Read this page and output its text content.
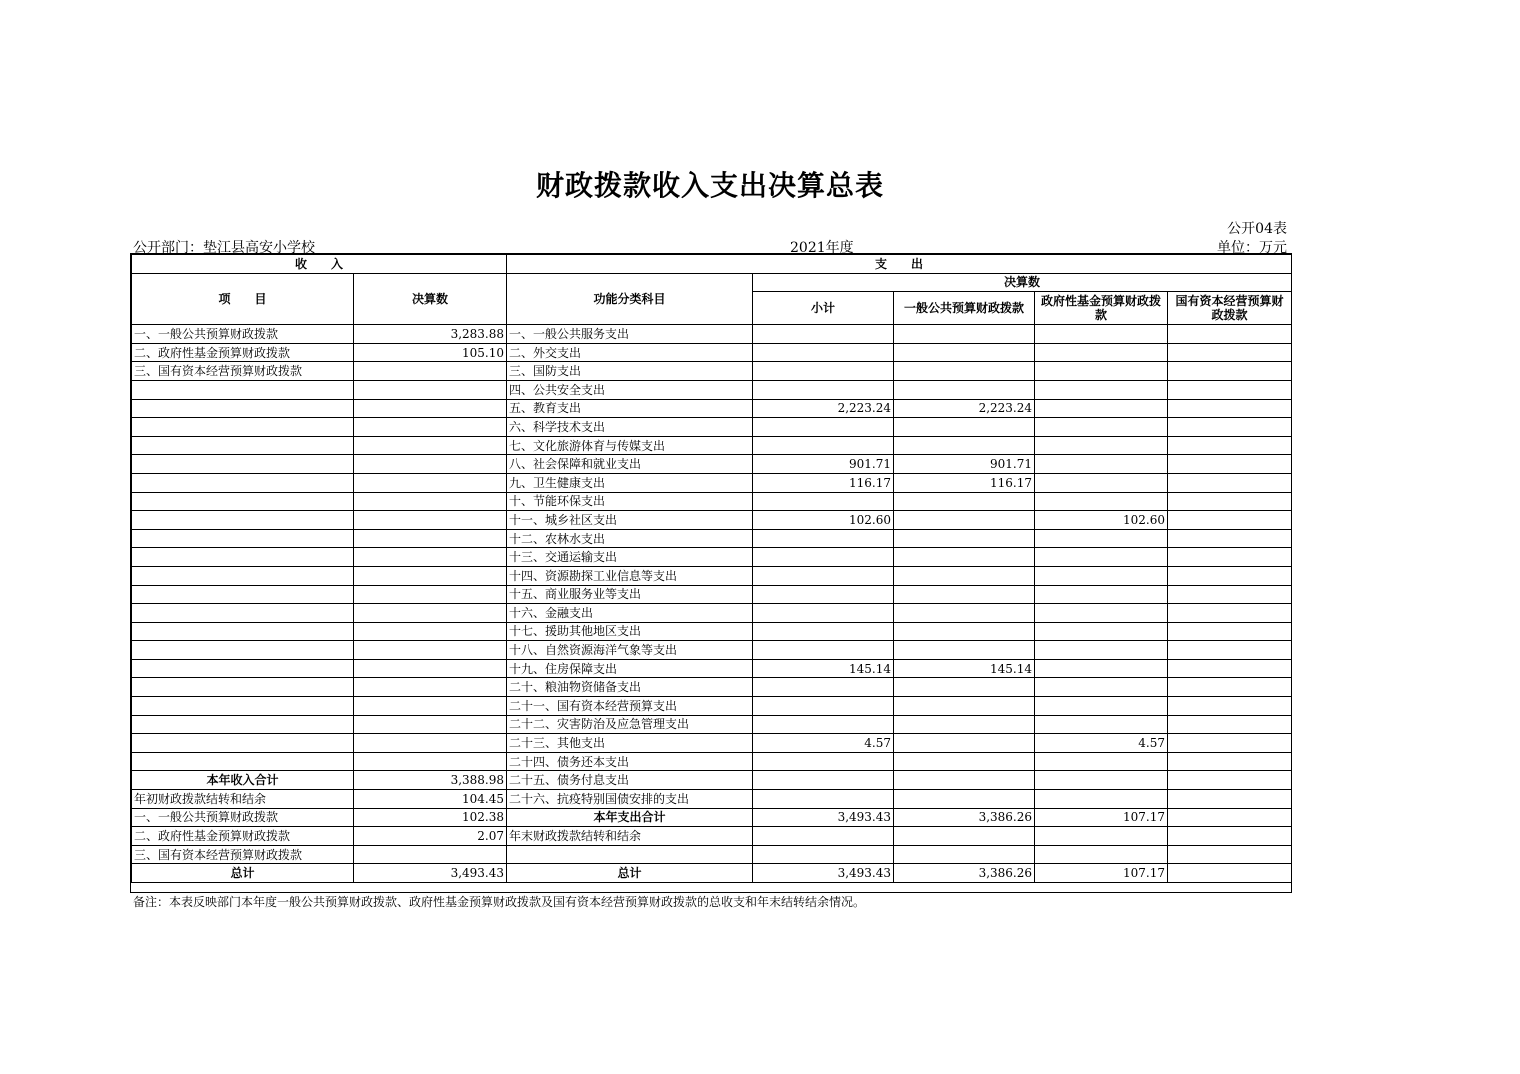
财政拨款收入支出决算总表
公开04表
公开部门：垫江县高安小学校	2021年度	单位：万元
收　　入		支　　出				
项　　目	决算数	功能分类科目	决算数			
			小计	一般公共预算财政拨款	政府性基金预算财政拨款	国有资本经营预算财政拨款
一、一般公共预算财政拨款	3,283.88	一、一般公共服务支出				
二、政府性基金预算财政拨款	105.10	二、外交支出				
三、国有资本经营预算财政拨款		三、国防支出				
		四、公共安全支出				
		五、教育支出	2,223.24	2,223.24		
		六、科学技术支出				
		七、文化旅游体育与传媒支出				
		八、社会保障和就业支出	901.71	901.71		
		九、卫生健康支出	116.17	116.17		
		十、节能环保支出				
		十一、城乡社区支出	102.60		102.60	
		十二、农林水支出				
		十三、交通运输支出				
		十四、资源勘探工业信息等支出				
		十五、商业服务业等支出				
		十六、金融支出				
		十七、援助其他地区支出				
		十八、自然资源海洋气象等支出				
		十九、住房保障支出	145.14	145.14		
		二十、粮油物资储备支出				
		二十一、国有资本经营预算支出				
		二十二、灾害防治及应急管理支出				
		二十三、其他支出	4.57		4.57	
		二十四、债务还本支出				
本年收入合计	3,388.98	二十五、债务付息支出				
年初财政拨款结转和结余	104.45	二十六、抗疫特别国债安排的支出				
一、一般公共预算财政拨款	102.38	本年支出合计	3,493.43	3,386.26	107.17	
二、政府性基金预算财政拨款	2.07	年末财政拨款结转和结余				
三、国有资本经营预算财政拨款						
总计	3,493.43	总计	3,493.43	3,386.26	107.17	
备注：本表反映部门本年度一般公共预算财政拨款、政府性基金预算财政拨款及国有资本经营预算财政拨款的总收支和年末结转结余情况。
